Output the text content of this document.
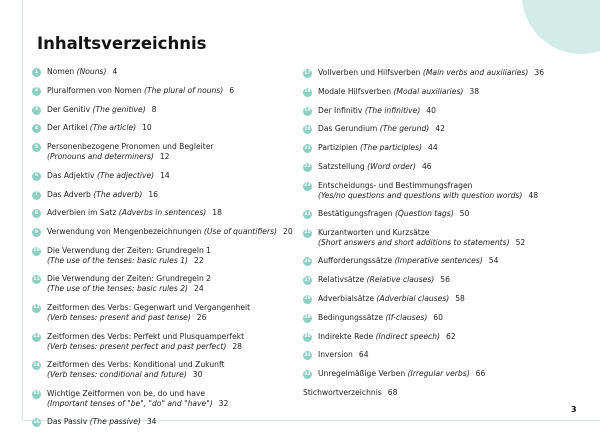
Inhaltsverzeichnis
1	Nomen (Nouns) 4
2	Pluralformen von Nomen (The plural of nouns) 6
3	Der Genitiv (The genitive) 8
4	Der Artikel (The article) 10
5	Personenbezogene Pronomen und Begleiter
(Pronouns and determiners) 12
6	Das Adjektiv (The adjective) 14
7	Das Adverb (The adverb) 16
8	Adverbien im Satz (Adverbs in sentences) 18
9	Verwendung von Mengenbezeichnungen (Use of quantifiers) 20
10 Die Verwendung der Zeiten: Grundregeln 1
(The use of the tenses: basic rules 1) 22
11 Die Verwendung der Zeiten: Grundregeln 2
(The use of the tenses: basic rules 2) 24
12 Zeitformen des Verbs: Gegenwart und Vergangenheit
(Verb tenses: present and past tense) 26
13 Zeitformen des Verbs: Perfekt und Plusquamperfekt
(Verb tenses: present perfect and past perfect) 28
14 Zeitformen des Verbs: Konditional und Zukunft
(Verb tenses: conditional and future) 30
15 Wichtige Zeitformen von be, do und have
(Important tenses of "be", "do" and "have") 32
16 Das Passiv (The passive) 34
17 Vollverben und Hilfsverben (Main verbs and auxiliaries) 36
18 Modale Hilfsverben (Modal auxiliaries) 38
19 Der Infinitiv (The infinitive) 40
20 Das Gerundium (The gerund) 42
21 Partizipien (The participles) 44
22 Satzstellung (Word order) 46
23 Entscheidungs- und Bestimmungsfragen
(Yes/no questions and questions with question words) 48
24 Bestätigungsfragen (Question tags) 50
25 Kurzantworten und Kurzsätze
(Short answers and short additions to statements) 52
26 Aufforderungssätze (Imperative sentences) 54
27 Relativsätze (Relative clauses) 56
28 Adverbialsätze (Adverbial clauses) 58
29 Bedingungssätze (If-clauses) 60
30 Indirekte Rede (Indirect speech) 62
31 Inversion 64
32 Unregelmäßige Verben (Irregular verbs) 66
Stichwortverzeichnis 68
3
